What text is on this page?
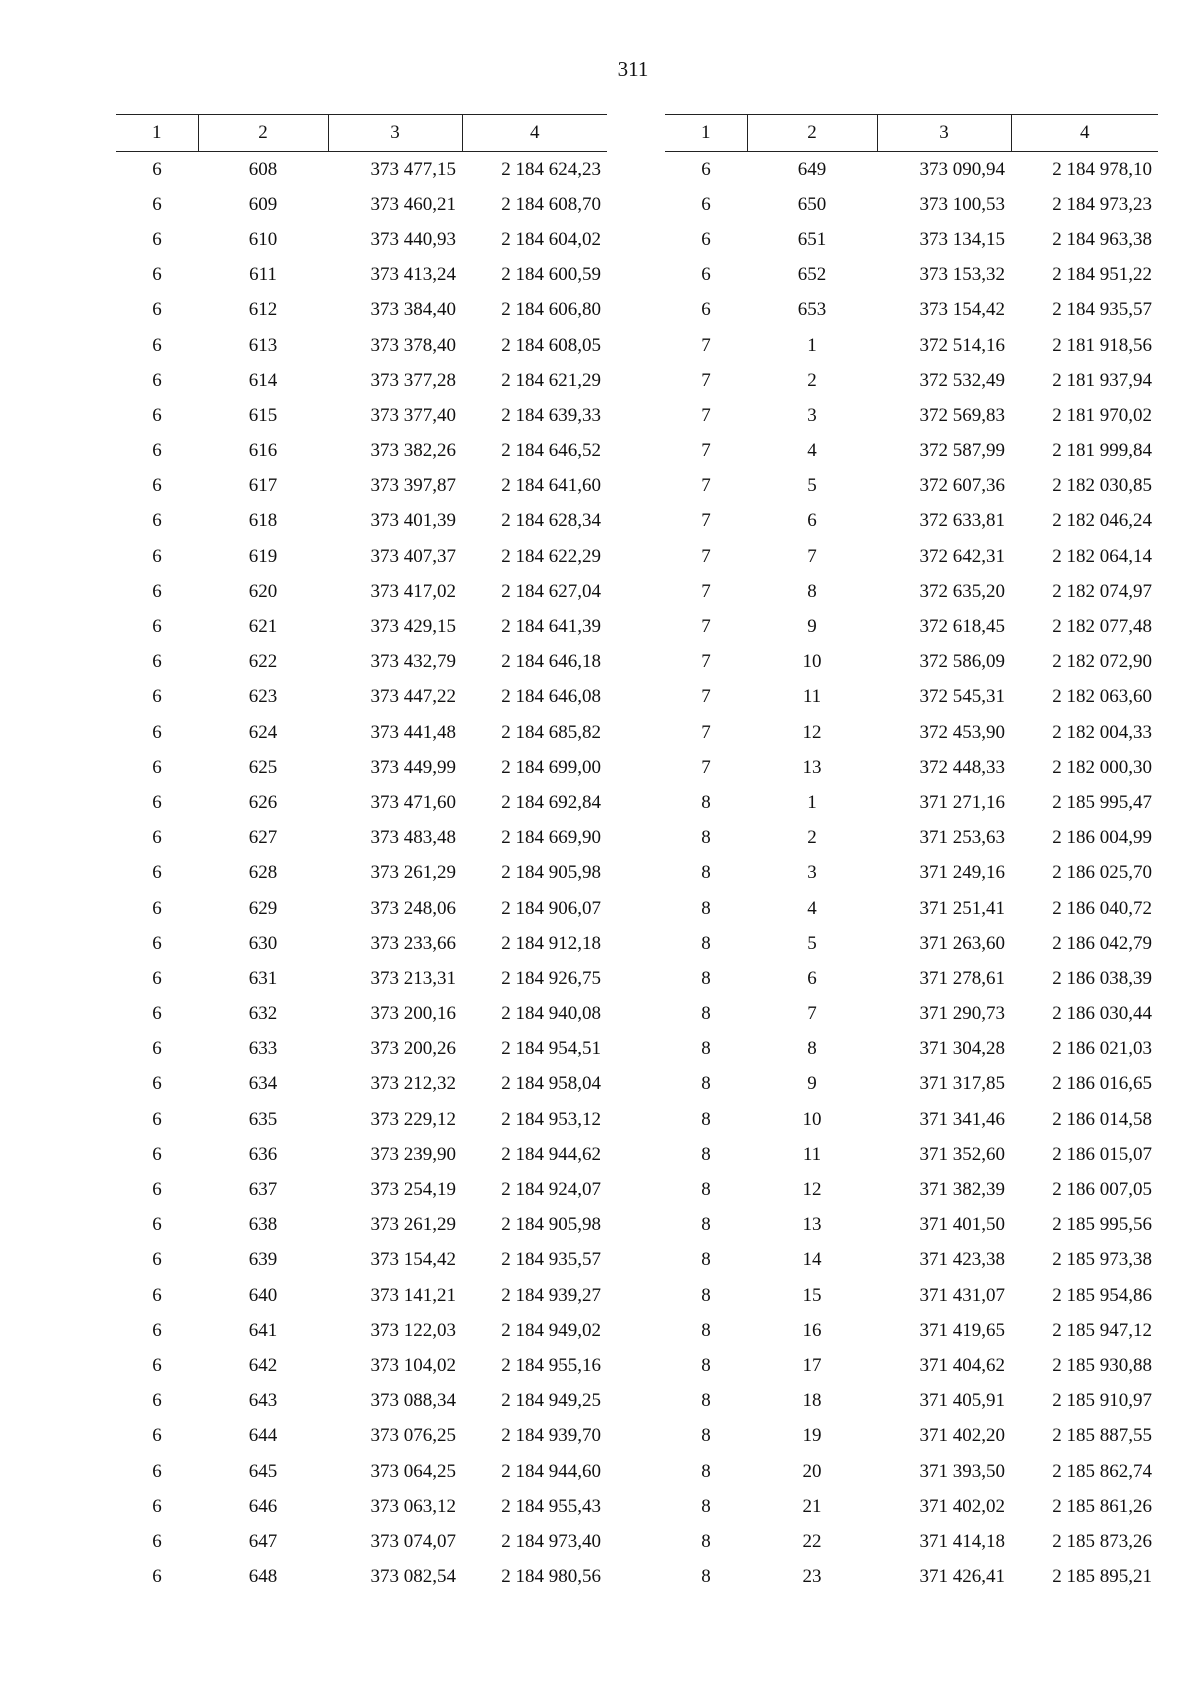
311
1	2	3	4
6	608	373 477,15	2 184 624,23
6	609	373 460,21	2 184 608,70
6	610	373 440,93	2 184 604,02
6	611	373 413,24	2 184 600,59
6	612	373 384,40	2 184 606,80
6	613	373 378,40	2 184 608,05
6	614	373 377,28	2 184 621,29
6	615	373 377,40	2 184 639,33
6	616	373 382,26	2 184 646,52
6	617	373 397,87	2 184 641,60
6	618	373 401,39	2 184 628,34
6	619	373 407,37	2 184 622,29
6	620	373 417,02	2 184 627,04
6	621	373 429,15	2 184 641,39
6	622	373 432,79	2 184 646,18
6	623	373 447,22	2 184 646,08
6	624	373 441,48	2 184 685,82
6	625	373 449,99	2 184 699,00
6	626	373 471,60	2 184 692,84
6	627	373 483,48	2 184 669,90
6	628	373 261,29	2 184 905,98
6	629	373 248,06	2 184 906,07
6	630	373 233,66	2 184 912,18
6	631	373 213,31	2 184 926,75
6	632	373 200,16	2 184 940,08
6	633	373 200,26	2 184 954,51
6	634	373 212,32	2 184 958,04
6	635	373 229,12	2 184 953,12
6	636	373 239,90	2 184 944,62
6	637	373 254,19	2 184 924,07
6	638	373 261,29	2 184 905,98
6	639	373 154,42	2 184 935,57
6	640	373 141,21	2 184 939,27
6	641	373 122,03	2 184 949,02
6	642	373 104,02	2 184 955,16
6	643	373 088,34	2 184 949,25
6	644	373 076,25	2 184 939,70
6	645	373 064,25	2 184 944,60
6	646	373 063,12	2 184 955,43
6	647	373 074,07	2 184 973,40
6	648	373 082,54	2 184 980,56
1	2	3	4
6	649	373 090,94	2 184 978,10
6	650	373 100,53	2 184 973,23
6	651	373 134,15	2 184 963,38
6	652	373 153,32	2 184 951,22
6	653	373 154,42	2 184 935,57
7	1	372 514,16	2 181 918,56
7	2	372 532,49	2 181 937,94
7	3	372 569,83	2 181 970,02
7	4	372 587,99	2 181 999,84
7	5	372 607,36	2 182 030,85
7	6	372 633,81	2 182 046,24
7	7	372 642,31	2 182 064,14
7	8	372 635,20	2 182 074,97
7	9	372 618,45	2 182 077,48
7	10	372 586,09	2 182 072,90
7	11	372 545,31	2 182 063,60
7	12	372 453,90	2 182 004,33
7	13	372 448,33	2 182 000,30
8	1	371 271,16	2 185 995,47
8	2	371 253,63	2 186 004,99
8	3	371 249,16	2 186 025,70
8	4	371 251,41	2 186 040,72
8	5	371 263,60	2 186 042,79
8	6	371 278,61	2 186 038,39
8	7	371 290,73	2 186 030,44
8	8	371 304,28	2 186 021,03
8	9	371 317,85	2 186 016,65
8	10	371 341,46	2 186 014,58
8	11	371 352,60	2 186 015,07
8	12	371 382,39	2 186 007,05
8	13	371 401,50	2 185 995,56
8	14	371 423,38	2 185 973,38
8	15	371 431,07	2 185 954,86
8	16	371 419,65	2 185 947,12
8	17	371 404,62	2 185 930,88
8	18	371 405,91	2 185 910,97
8	19	371 402,20	2 185 887,55
8	20	371 393,50	2 185 862,74
8	21	371 402,02	2 185 861,26
8	22	371 414,18	2 185 873,26
8	23	371 426,41	2 185 895,21
